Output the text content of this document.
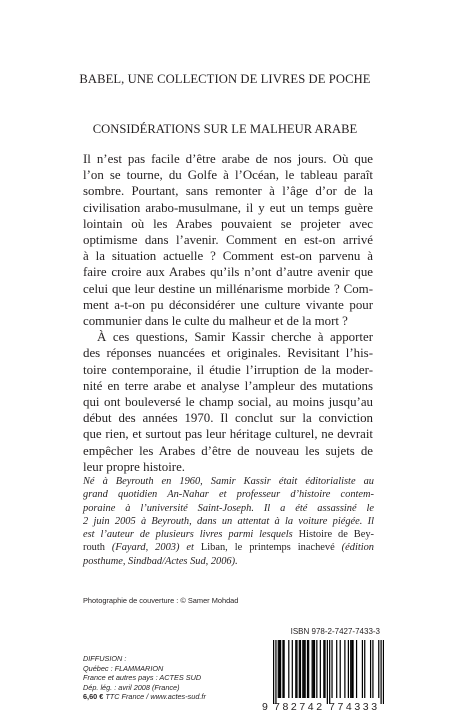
BABEL, UNE COLLECTION DE LIVRES DE POCHE
CONSIDÉRATIONS SUR LE MALHEUR ARABE

Il n’est pas facile d’être arabe de nos jours. Où que

l’on se tourne, du Golfe à l’Océan, le tableau paraît

sombre. Pourtant, sans remonter à l’âge d’or de la

civilisation arabo-musulmane, il y eut un temps guère

lointain où les Arabes pouvaient se projeter avec

optimisme dans l’avenir. Comment en est-on arrivé

à la situation actuelle ? Comment est-on parvenu à

faire croire aux Arabes qu’ils n’ont d’autre avenir que

celui que leur destine un millénarisme morbide ? Com-

ment a-t-on pu déconsidérer une culture vivante pour

communier dans le culte du malheur et de la mort ?

À ces questions, Samir Kassir cherche à apporter

des réponses nuancées et originales. Revisitant l’his-

toire contemporaine, il étudie l’irruption de la moder-

nité en terre arabe et analyse l’ampleur des mutations

qui ont bouleversé le champ social, au moins jusqu’au

début des années 1970. Il conclut sur la conviction

que rien, et surtout pas leur héritage culturel, ne devrait

empêcher les Arabes d’être de nouveau les sujets de

leur propre histoire.

Né à Beyrouth en 1960, Samir Kassir était éditorialiste au

grand quotidien An-Nahar et professeur d’histoire contem-

poraine à l’université Saint-Joseph. Il a été assassiné le

2 juin 2005 à Beyrouth, dans un attentat à la voiture piégée. Il

est l’auteur de plusieurs livres parmi lesquels Histoire de Bey-

routh (Fayard, 2003) et Liban, le printemps inachevé (édition

posthume, Sindbad/Actes Sud, 2006).

Photographie de couverture : © Samer Mohdad
ISBN 978-2-7427-7433-3
DIFFUSION :
Québec : FLAMMARION
France et autres pays : ACTES SUD
Dép. lég. : avril 2008 (France)
6,60 € TTC France / www.actes-sud.fr
9 782742 774333
